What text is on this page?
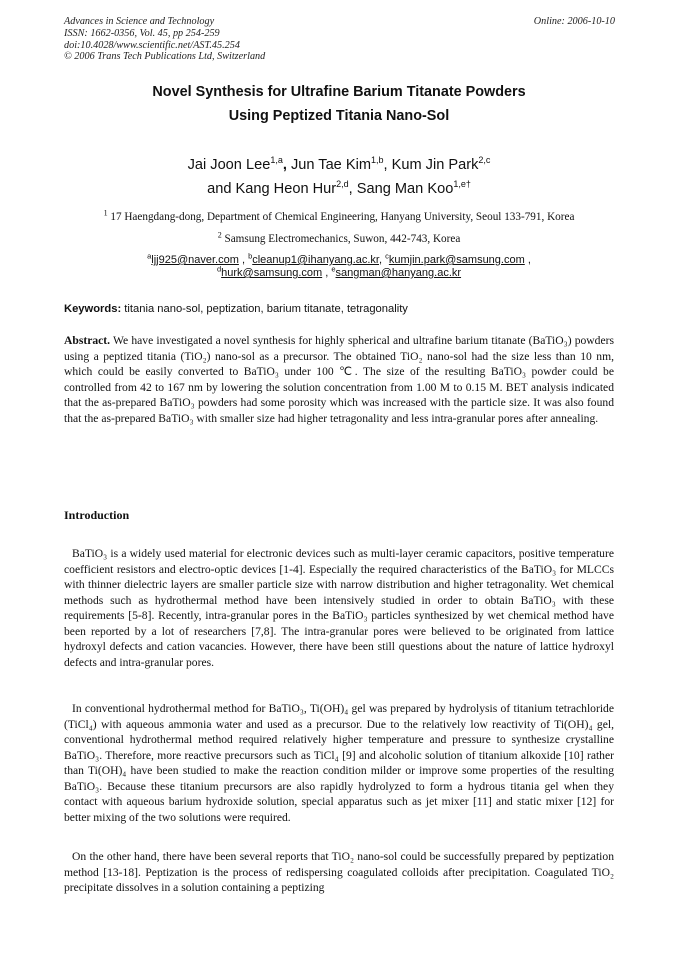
Advances in Science and Technology
ISSN: 1662-0356, Vol. 45, pp 254-259
doi:10.4028/www.scientific.net/AST.45.254
© 2006 Trans Tech Publications Ltd, Switzerland
Online: 2006-10-10
Novel Synthesis for Ultrafine Barium Titanate Powders
Using Peptized Titania Nano-Sol
Jai Joon Lee$^{1,a}$, Jun Tae Kim$^{1,b}$, Kum Jin Park$^{2,c}$
and Kang Heon Hur$^{2,d}$, Sang Man Koo$^{1,e\dagger}$
$^1$ 17 Haengdang-dong, Department of Chemical Engineering, Hanyang University, Seoul 133-791, Korea
$^2$ Samsung Electromechanics, Suwon, 442-743, Korea
$^a$ljj925@naver.com , $^b$cleanup1@ihanyang.ac.kr, $^c$kumjin.park@samsung.com ,
$^d$hurk@samsung.com , $^e$sangman@hanyang.ac.kr
Keywords: titania nano-sol, peptization, barium titanate, tetragonality
Abstract. We have investigated a novel synthesis for highly spherical and ultrafine barium titanate (BaTiO₃) powders using a peptized titania (TiO₂) nano-sol as a precursor. The obtained TiO₂ nano-sol had the size less than 10 nm, which could be easily converted to BaTiO₃ under 100 ℃. The size of the resulting BaTiO₃ powder could be controlled from 42 to 167 nm by lowering the solution concentration from 1.00 M to 0.15 M. BET analysis indicated that the as-prepared BaTiO₃ powders had some porosity which was increased with the particle size. It was also found that the as-prepared BaTiO₃ with smaller size had higher tetragonality and less intra-granular pores after annealing.
Introduction
BaTiO₃ is a widely used material for electronic devices such as multi-layer ceramic capacitors, positive temperature coefficient resistors and electro-optic devices [1-4]. Especially the required characteristics of the BaTiO₃ for MLCCs with thinner dielectric layers are smaller particle size with narrow distribution and higher tetragonality. Wet chemical methods such as hydrothermal method have been intensively studied in order to obtain BaTiO₃ with these requirements [5-8]. Recently, intra-granular pores in the BaTiO₃ particles synthesized by wet chemical method have been reported by a lot of researchers [7,8]. The intra-granular pores were believed to be originated from lattice hydroxyl defects and cation vacancies. However, there have been still questions about the nature of lattice hydroxyl defects and intra-granular pores.
In conventional hydrothermal method for BaTiO₃, Ti(OH)₄ gel was prepared by hydrolysis of titanium tetrachloride (TiCl₄) with aqueous ammonia water and used as a precursor. Due to the relatively low reactivity of Ti(OH)₄ gel, conventional hydrothermal method required relatively higher temperature and pressure to synthesize crystalline BaTiO₃. Therefore, more reactive precursors such as TiCl₄ [9] and alcoholic solution of titanium alkoxide [10] rather than Ti(OH)₄ have been studied to make the reaction condition milder or improve some properties of the resulting BaTiO₃. Because these titanium precursors are also rapidly hydrolyzed to form a hydrous titania gel when they contact with aqueous barium hydroxide solution, special apparatus such as jet mixer [11] and static mixer [12] for better mixing of the two solutions were required.
On the other hand, there have been several reports that TiO₂ nano-sol could be successfully prepared by peptization method [13-18]. Peptization is the process of redispersing coagulated colloids after precipitation. Coagulated TiO₂ precipitate dissolves in a solution containing a peptizing
